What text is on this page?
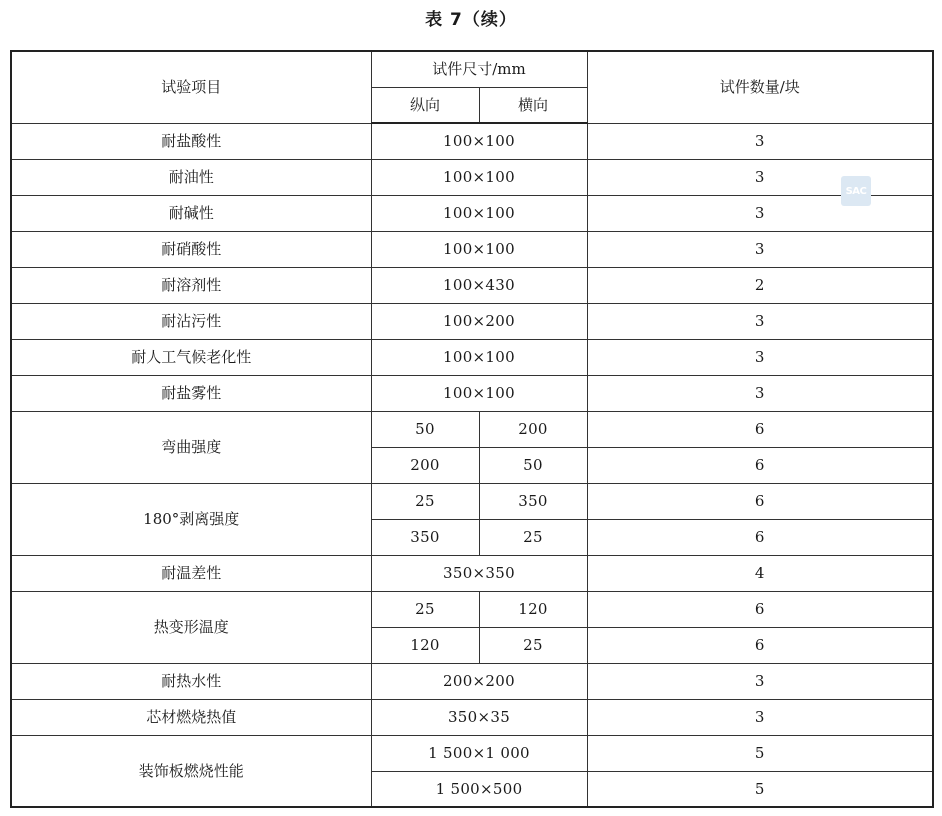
表 7（续）
试验项目	试件尺寸/mm		试件数量/块
	纵向	横向	
耐盐酸性	100×100		3
耐油性	100×100		3
耐碱性	100×100		3
耐硝酸性	100×100		3
耐溶剂性	100×430		2
耐沾污性	100×200		3
耐人工气候老化性	100×100		3
耐盐雾性	100×100		3
弯曲强度	50	200	6
	200	50	6
180°剥离强度	25	350	6
	350	25	6
耐温差性	350×350		4
热变形温度	25	120	6
	120	25	6
耐热水性	200×200		3
芯材燃烧热值	350×35		3
装饰板燃烧性能	1 500×1 000		5
	1 500×500		5
SAC
